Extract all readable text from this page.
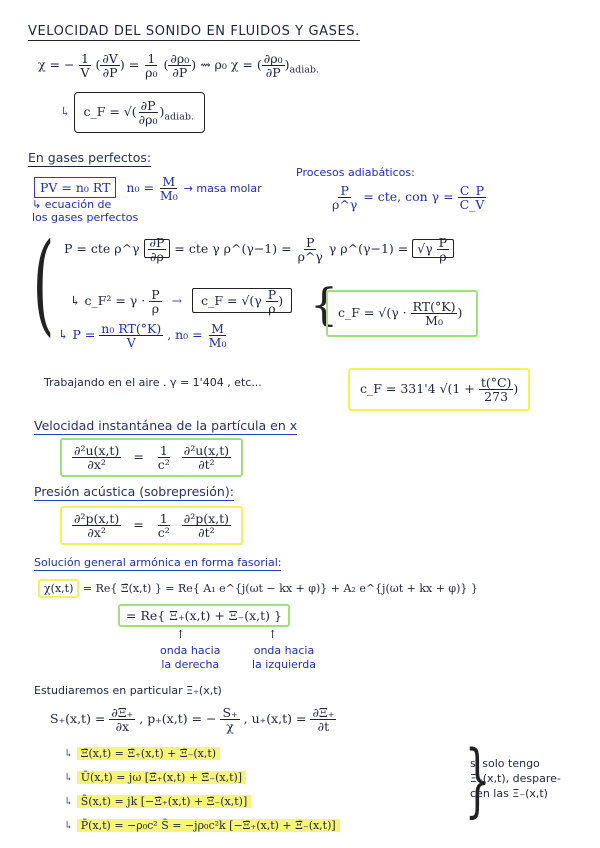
VELOCIDAD DEL SONIDO EN FLUIDOS Y GASES.
χ = − $\frac{1}{V}$ ( $\frac{\partial V}{\partial P}$ ) = $\frac{1}{\text{ρ₀}}$ ( $\frac{\text{∂ρ₀}}{\partial P}$ ) ⇝ ρ₀ χ = ( $\frac{\text{∂ρ₀}}{\partial P} )_{adiab.}$
↳ c_F = √( $\frac{\partial P}{\text{∂ρ₀}} )_{adiab.}$
En gases perfectos:
PV = n₀ RT $n_0 = \frac{M}{\text{M₀}}$ → masa molar
↳ ecuación de
los gases perfectos
Procesos adiabáticos:
$\frac{P}{\rho\^{}\gamma}$ = cte, con $\gamma = \frac{C\_P}{C\_V}$
( P = cte ρ^γ $\frac{\partial P}{\partial\rho}$ = cte γ ρ^(γ−1) = $\frac{P}{\rho\^{}\gamma}$ γ ρ^(γ−1) = $√\gamma \frac{P}{\rho}$
↳ c_F² = $\gamma \cdot \frac{P}{\rho}$ → c_F = $√(\gamma \frac{P}{\rho}$ ) { c_F = $√(\gamma \cdot \frac{RT(^\circ K)}{\text{M₀}}$ )
↳ $P = \frac{\text{n₀ RT(°K)}}{V}$ , $n_0 = \frac{M}{\text{M₀}}$
Trabajando en el aire . γ = 1'404 , etc...	c_F = 331'4 $√(1 + \frac{t(^\circ C)}{273}$ )
Velocidad instantánea de la partícula en x
$\frac{\text{∂²u(x,t)}}{\text{∂x²}} = \frac{1}{\text{c²}}$
$\frac{\text{∂²u(x,t)}}{\text{∂t²}}$
Presión acústica (sobrepresión):
$\frac{\text{∂²p(x,t)}}{\text{∂x²}} = \frac{1}{\text{c²}}$
$\frac{\text{∂²p(x,t)}}{\text{∂t²}}$
Solución general armónica en forma fasorial:
χ(x,t) = Re{ Ξ̄(x,t) } = Re{ A₁ e^{j(ωt − kx + φ)} + A₂ e^{j(ωt + kx + φ)} }
= Re{ Ξ̄₊(x,t) + Ξ̄₋(x,t) }
↑	↑
onda hacia
la derecha
onda hacia
la izquierda
Estudiaremos en particular Ξ̄₊(x,t)
$S_+(x,t) = \frac{\partial\Xi_+}{\partial x}$ , p₊(x,t) = − $\frac{S_+}{\chi}$ , $u_+(x,t) = \frac{\partial\Xi_+}{\partial t}$
↳ Ξ̄(x,t) = Ξ̄₊(x,t) + Ξ̄₋(x,t)
↳ Ū(x,t) = jω [Ξ̄₊(x,t) + Ξ̄₋(x,t)]
↳ S̄(x,t) = jk [−Ξ̄₊(x,t) + Ξ̄₋(x,t)]
↳ P̄(x,t) = −ρ₀c² S̄ = −jρ₀c²k [−Ξ̄₊(x,t) + Ξ̄₋(x,t)] }
si solo tengo
Ξ̄₊(x,t), despare-
cen las Ξ̄₋(x,t)
